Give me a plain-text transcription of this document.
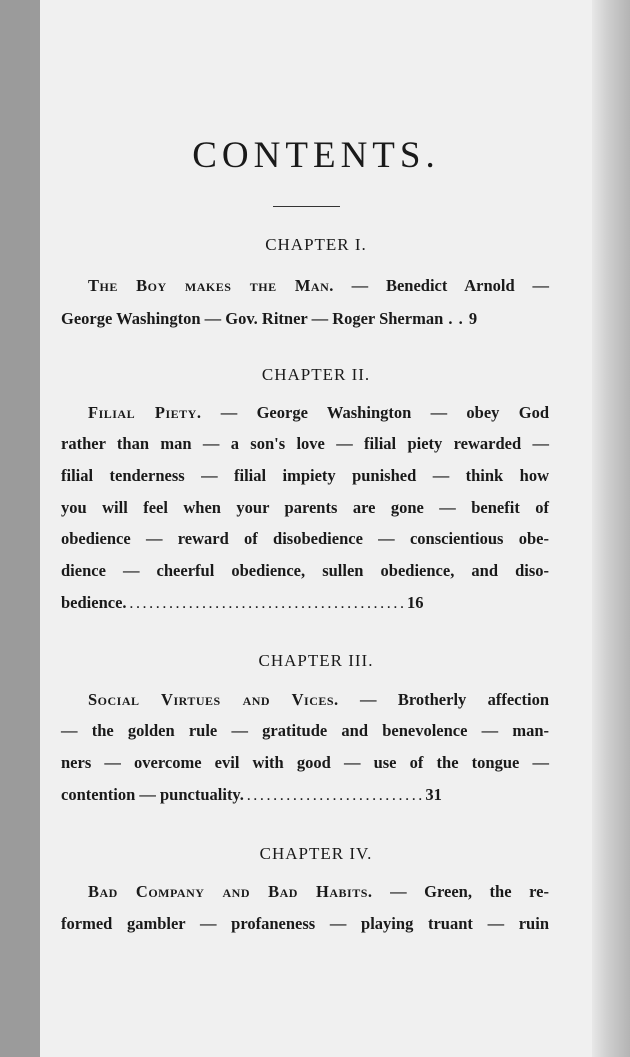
CONTENTS.
CHAPTER I.
The Boy makes the Man. — Benedict Arnold —
George Washington — Gov. Ritner — Roger Sherman . . 9
CHAPTER II.
Filial Piety. — George Washington — obey God
rather than man — a son's love — filial piety rewarded —
filial tenderness — filial impiety punished — think how
you will feel when your parents are gone — benefit of
obedience — reward of disobedience — conscientious obe-
dience — cheerful obedience, sullen obedience, and diso-
bedience. . . . . . . . . . . . . . . . . . . . . . . . . . . . . . . . . . . . . . . . . . . 16
CHAPTER III.
Social Virtues and Vices. — Brotherly affection
— the golden rule — gratitude and benevolence — man-
ners — overcome evil with good — use of the tongue —
contention — punctuality. . . . . . . . . . . . . . . . . . . . . . . . . . . . 31
CHAPTER IV.
Bad Company and Bad Habits. — Green, the re-
formed gambler — profaneness — playing truant — ruin
